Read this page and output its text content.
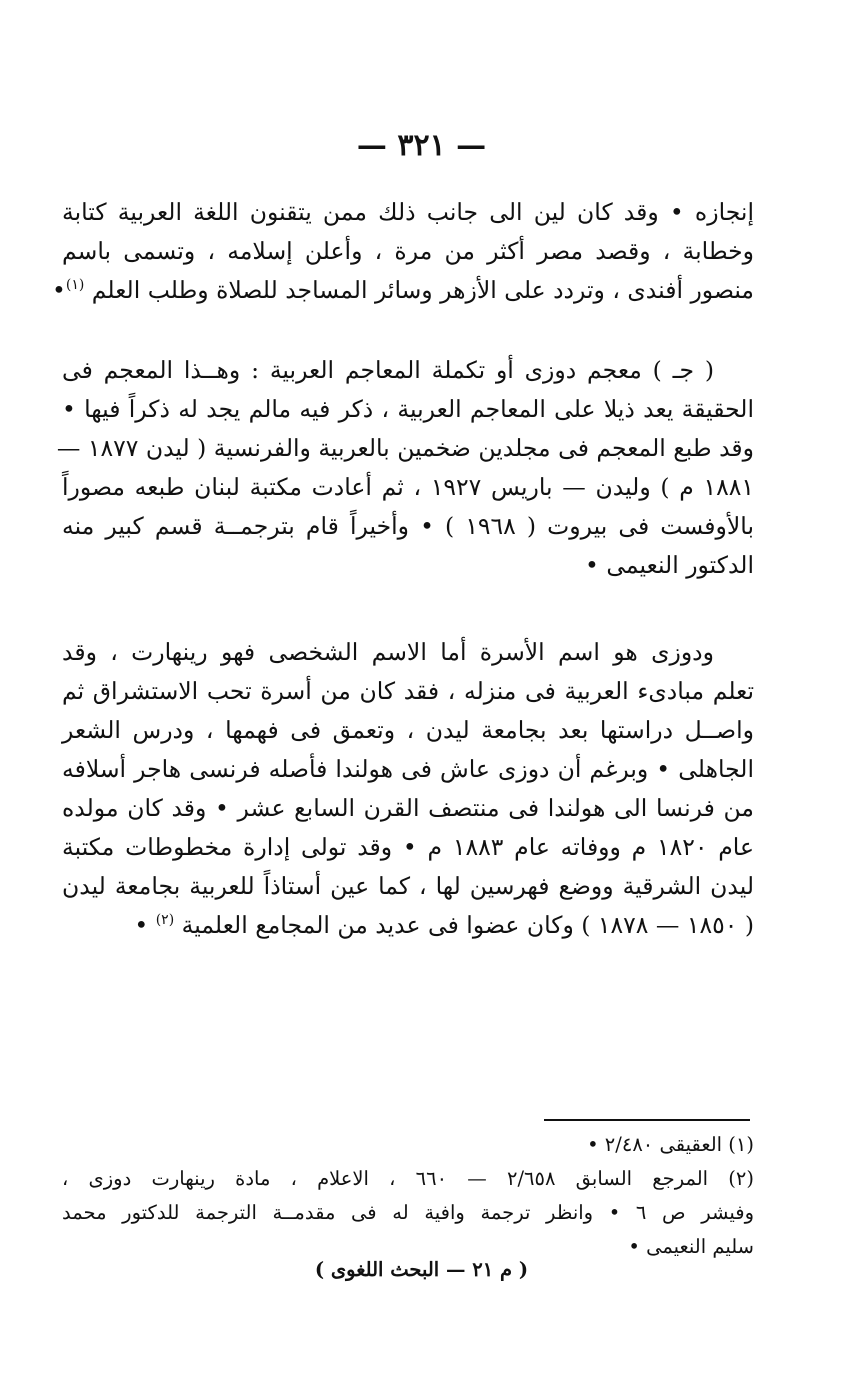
— ٣٢١ —
إنجازه • وقد كان لين الى جانب ذلك ممن يتقنون اللغة العربية كتابة
وخطابة ، وقصد مصر أكثر من مرة ، وأعلن إسلامه ، وتسمى باسم
منصور أفندى ، وتردد على الأزهر وسائر المساجد للصلاة وطلب العلم $^{(١)}$•
( جـ ) معجم دوزى أو تكملة المعاجم العربية : وهــذا المعجم فى
الحقيقة يعد ذيلا على المعاجم العربية ، ذكر فيه مالم يجد له ذكراً فيها •
وقد طبع المعجم فى مجلدين ضخمين بالعربية والفرنسية ( ليدن ١٨٧٧ —
١٨٨١ م ) وليدن — باريس ١٩٢٧ ، ثم أعادت مكتبة لبنان طبعه مصوراً
بالأوفست فى بيروت ( ١٩٦٨ ) • وأخيراً قام بترجمــة قسم كبير منه
الدكتور النعيمى •
ودوزى هو اسم الأسرة أما الاسم الشخصى فهو رينهارت ، وقد
تعلم مبادىء العربية فى منزله ، فقد كان من أسرة تحب الاستشراق ثم
واصــل دراستها بعد بجامعة ليدن ، وتعمق فى فهمها ، ودرس الشعر
الجاهلى • وبرغم أن دوزى عاش فى هولندا فأصله فرنسى هاجر أسلافه
من فرنسا الى هولندا فى منتصف القرن السابع عشر • وقد كان مولده
عام ١٨٢٠ م ووفاته عام ١٨٨٣ م • وقد تولى إدارة مخطوطات مكتبة
ليدن الشرقية ووضع فهرسين لها ، كما عين أستاذاً للعربية بجامعة ليدن
( ١٨٥٠ — ١٨٧٨ ) وكان عضوا فى عديد من المجامع العلمية $^{(٢)}$ •
(١) العقيقى ٢/٤٨٠ •
(٢) المرجع السابق ٢/٦٥٨ — ٦٦٠ ، الاعلام ، مادة رينهارت دوزى ،
وفيشر ص ٦ • وانظر ترجمة وافية له فى مقدمــة الترجمة للدكتور محمد
سليم النعيمى •
( م ٢١ — البحث اللغوى )
